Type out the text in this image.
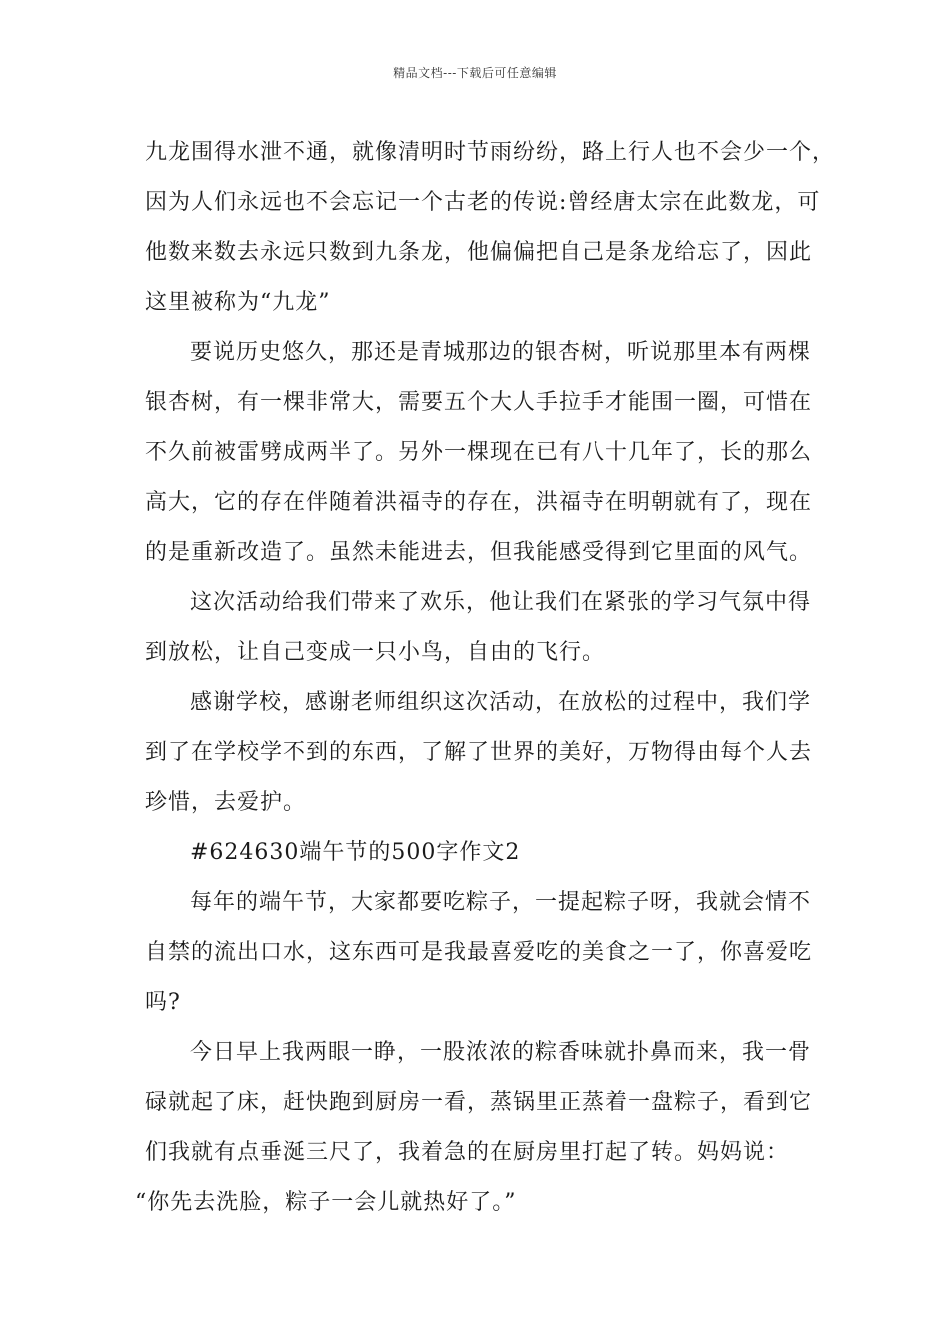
精品文档---下载后可任意编辑
九龙围得水泄不通，就像清明时节雨纷纷，路上行人也不会少一个，
因为人们永远也不会忘记一个古老的传说:曾经唐太宗在此数龙，可
他数来数去永远只数到九条龙，他偏偏把自己是条龙给忘了，因此
这里被称为“九龙”
要说历史悠久，那还是青城那边的银杏树，听说那里本有两棵
银杏树，有一棵非常大，需要五个大人手拉手才能围一圈，可惜在
不久前被雷劈成两半了。另外一棵现在已有八十几年了，长的那么
高大，它的存在伴随着洪福寺的存在，洪福寺在明朝就有了，现在
的是重新改造了。虽然未能进去，但我能感受得到它里面的风气。
这次活动给我们带来了欢乐，他让我们在紧张的学习气氛中得
到放松，让自己变成一只小鸟，自由的飞行。
感谢学校，感谢老师组织这次活动，在放松的过程中，我们学
到了在学校学不到的东西，了解了世界的美好，万物得由每个人去
珍惜，去爱护。
#624630端午节的500字作文2
每年的端午节，大家都要吃粽子，一提起粽子呀，我就会情不
自禁的流出口水，这东西可是我最喜爱吃的美食之一了，你喜爱吃
吗?
今日早上我两眼一睁，一股浓浓的粽香味就扑鼻而来，我一骨
碌就起了床，赶快跑到厨房一看，蒸锅里正蒸着一盘粽子，看到它
们我就有点垂涎三尺了，我着急的在厨房里打起了转。妈妈说：
“你先去洗脸，粽子一会儿就热好了。”
